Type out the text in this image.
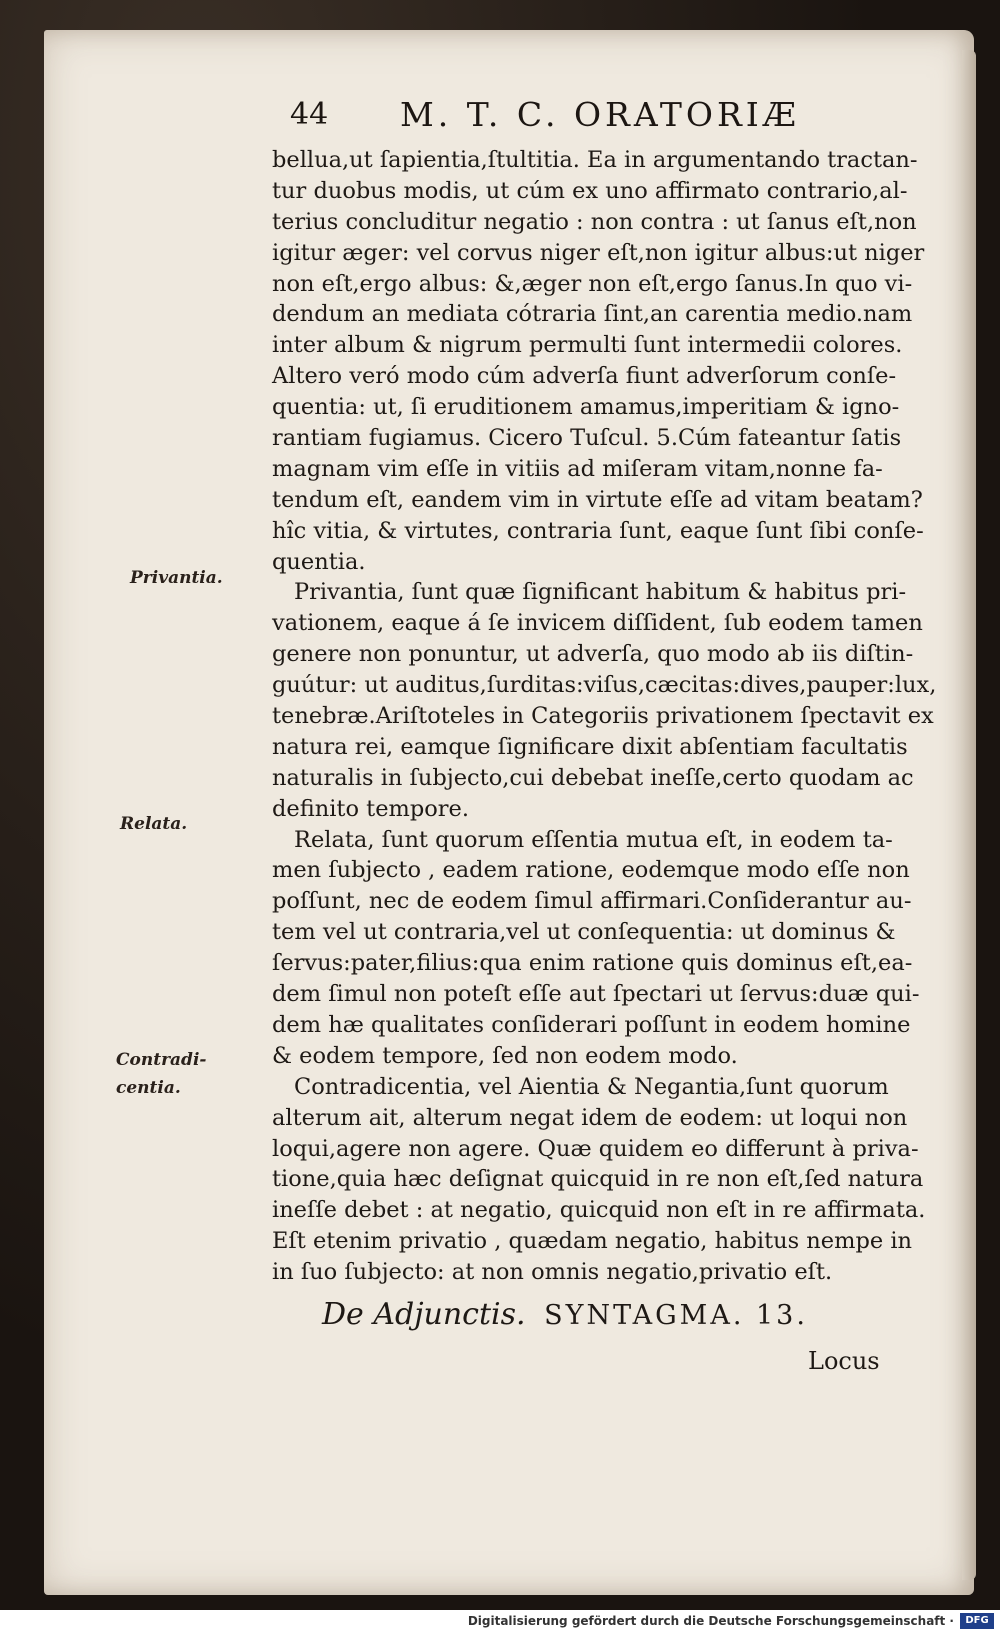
44 M. T. C. ORATORIÆ
Privantia.
Relata.
Contradi-
centia.
bellua,ut ſapientia,ſtultitia. Ea in argumentando tractan-
tur duobus modis, ut cúm ex uno affirmato contrario,al-
terius concluditur negatio : non contra : ut ſanus eſt,non
igitur æger: vel corvus niger eſt,non igitur albus:ut niger
non eſt,ergo albus: &,æger non eſt,ergo ſanus.In quo vi-
dendum an mediata cótraria ſint,an carentia medio.nam
inter album & nigrum permulti ſunt intermedii colores.
Altero veró modo cúm adverſa fiunt adverſorum conſe-
quentia: ut, ſi eruditionem amamus,imperitiam & igno-
rantiam fugiamus. Cicero Tuſcul. 5.Cúm fateantur ſatis
magnam vim eſſe in vitiis ad miſeram vitam,nonne fa-
tendum eſt, eandem vim in virtute eſſe ad vitam beatam?
hîc vitia, & virtutes, contraria ſunt, eaque ſunt ſibi conſe-
quentia.
Privantia, ſunt quæ ſignificant habitum & habitus pri-
vationem, eaque á ſe invicem diſſident, ſub eodem tamen
genere non ponuntur, ut adverſa, quo modo ab iis diſtin-
guútur: ut auditus,ſurditas:viſus,cæcitas:dives,pauper:lux,
tenebræ.Ariſtoteles in Categoriis privationem ſpectavit ex
natura rei, eamque ſignificare dixit abſentiam facultatis
naturalis in ſubjecto,cui debebat ineſſe,certo quodam ac
definito tempore.
Relata, ſunt quorum eſſentia mutua eſt, in eodem ta-
men ſubjecto , eadem ratione, eodemque modo eſſe non
poſſunt, nec de eodem ſimul affirmari.Conſiderantur au-
tem vel ut contraria,vel ut conſequentia: ut dominus &
ſervus:pater,filius:qua enim ratione quis dominus eſt,ea-
dem ſimul non poteſt eſſe aut ſpectari ut ſervus:duæ qui-
dem hæ qualitates conſiderari poſſunt in eodem homine
& eodem tempore, ſed non eodem modo.
Contradicentia, vel Aientia & Negantia,ſunt quorum
alterum ait, alterum negat idem de eodem: ut loqui non
loqui,agere non agere. Quæ quidem eo differunt à priva-
tione,quia hæc deſignat quicquid in re non eſt,ſed natura
ineſſe debet : at negatio, quicquid non eſt in re affirmata.
Eſt etenim privatio , quædam negatio, habitus nempe in
in ſuo ſubjecto: at non omnis negatio,privatio eſt.
De Adjunctis. SYNTAGMA. 13.
Locus
Digitalisierung gefördert durch die Deutsche Forschungsgemeinschaft ·	DFG
